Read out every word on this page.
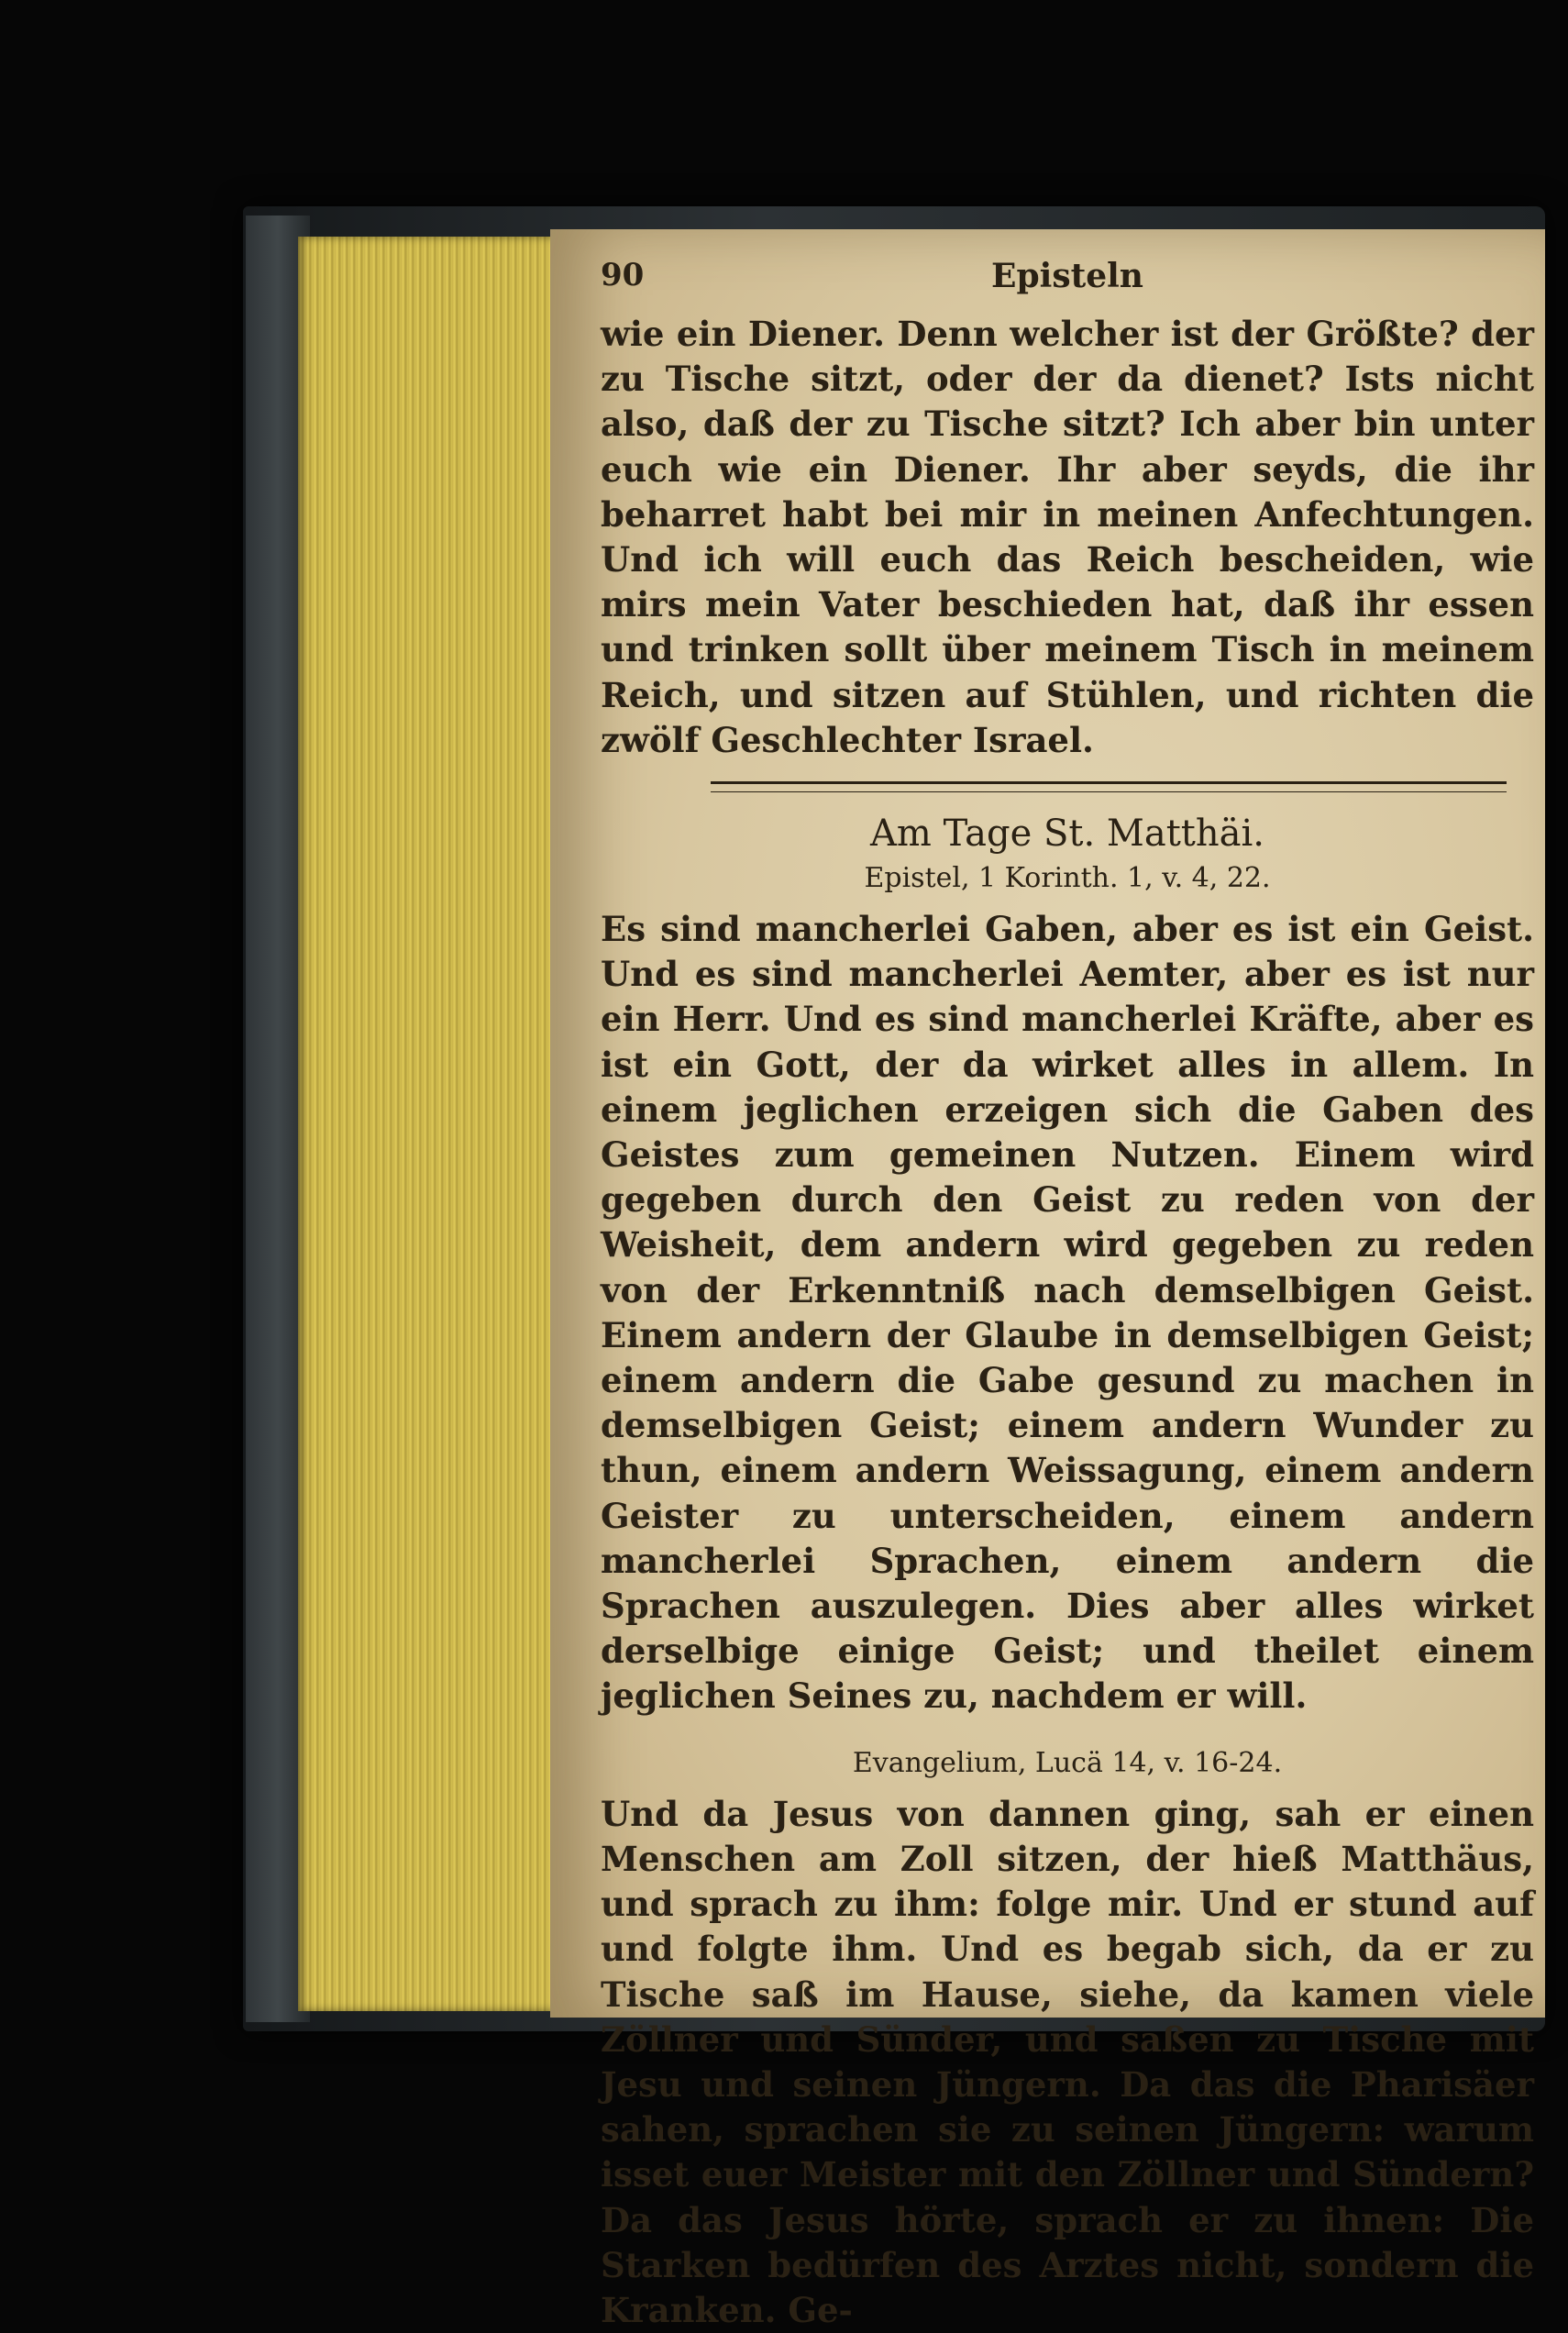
90	Episteln

wie ein Diener. Denn welcher ist der Größte? der zu Tische sitzt, oder der da dienet? Ists nicht also, daß der zu Tische sitzt? Ich aber bin unter euch wie ein Diener. Ihr aber seyds, die ihr beharret habt bei mir in meinen Anfechtungen. Und ich will euch das Reich bescheiden, wie mirs mein Vater beschieden hat, daß ihr essen und trinken sollt über meinem Tisch in meinem Reich, und sitzen auf Stühlen, und richten die zwölf Geschlechter Israel.

Am Tage St. Matthäi.
Epistel, 1 Korinth. 1, v. 4, 22.

Es sind mancherlei Gaben, aber es ist ein Geist. Und es sind mancherlei Aemter, aber es ist nur ein Herr. Und es sind mancherlei Kräfte, aber es ist ein Gott, der da wirket alles in allem. In einem jeglichen erzeigen sich die Gaben des Geistes zum gemeinen Nutzen. Einem wird gegeben durch den Geist zu reden von der Weisheit, dem andern wird gegeben zu reden von der Erkenntniß nach demselbigen Geist. Einem andern der Glaube in demselbigen Geist; einem andern die Gabe gesund zu machen in demselbigen Geist; einem andern Wunder zu thun, einem andern Weissagung, einem andern Geister zu unterscheiden, einem andern mancherlei Sprachen, einem andern die Sprachen auszulegen. Dies aber alles wirket derselbige einige Geist; und theilet einem jeglichen Seines zu, nachdem er will.

Evangelium, Lucä 14, v. 16-24.

Und da Jesus von dannen ging, sah er einen Menschen am Zoll sitzen, der hieß Matthäus, und sprach zu ihm: folge mir. Und er stund auf und folgte ihm. Und es begab sich, da er zu Tische saß im Hause, siehe, da kamen viele Zöllner und Sünder, und saßen zu Tische mit Jesu und seinen Jüngern. Da das die Pharisäer sahen, sprachen sie zu seinen Jüngern: warum isset euer Meister mit den Zöllner und Sündern? Da das Jesus hörte, sprach er zu ihnen: Die Starken bedürfen des Arztes nicht, sondern die Kranken. Ge-
